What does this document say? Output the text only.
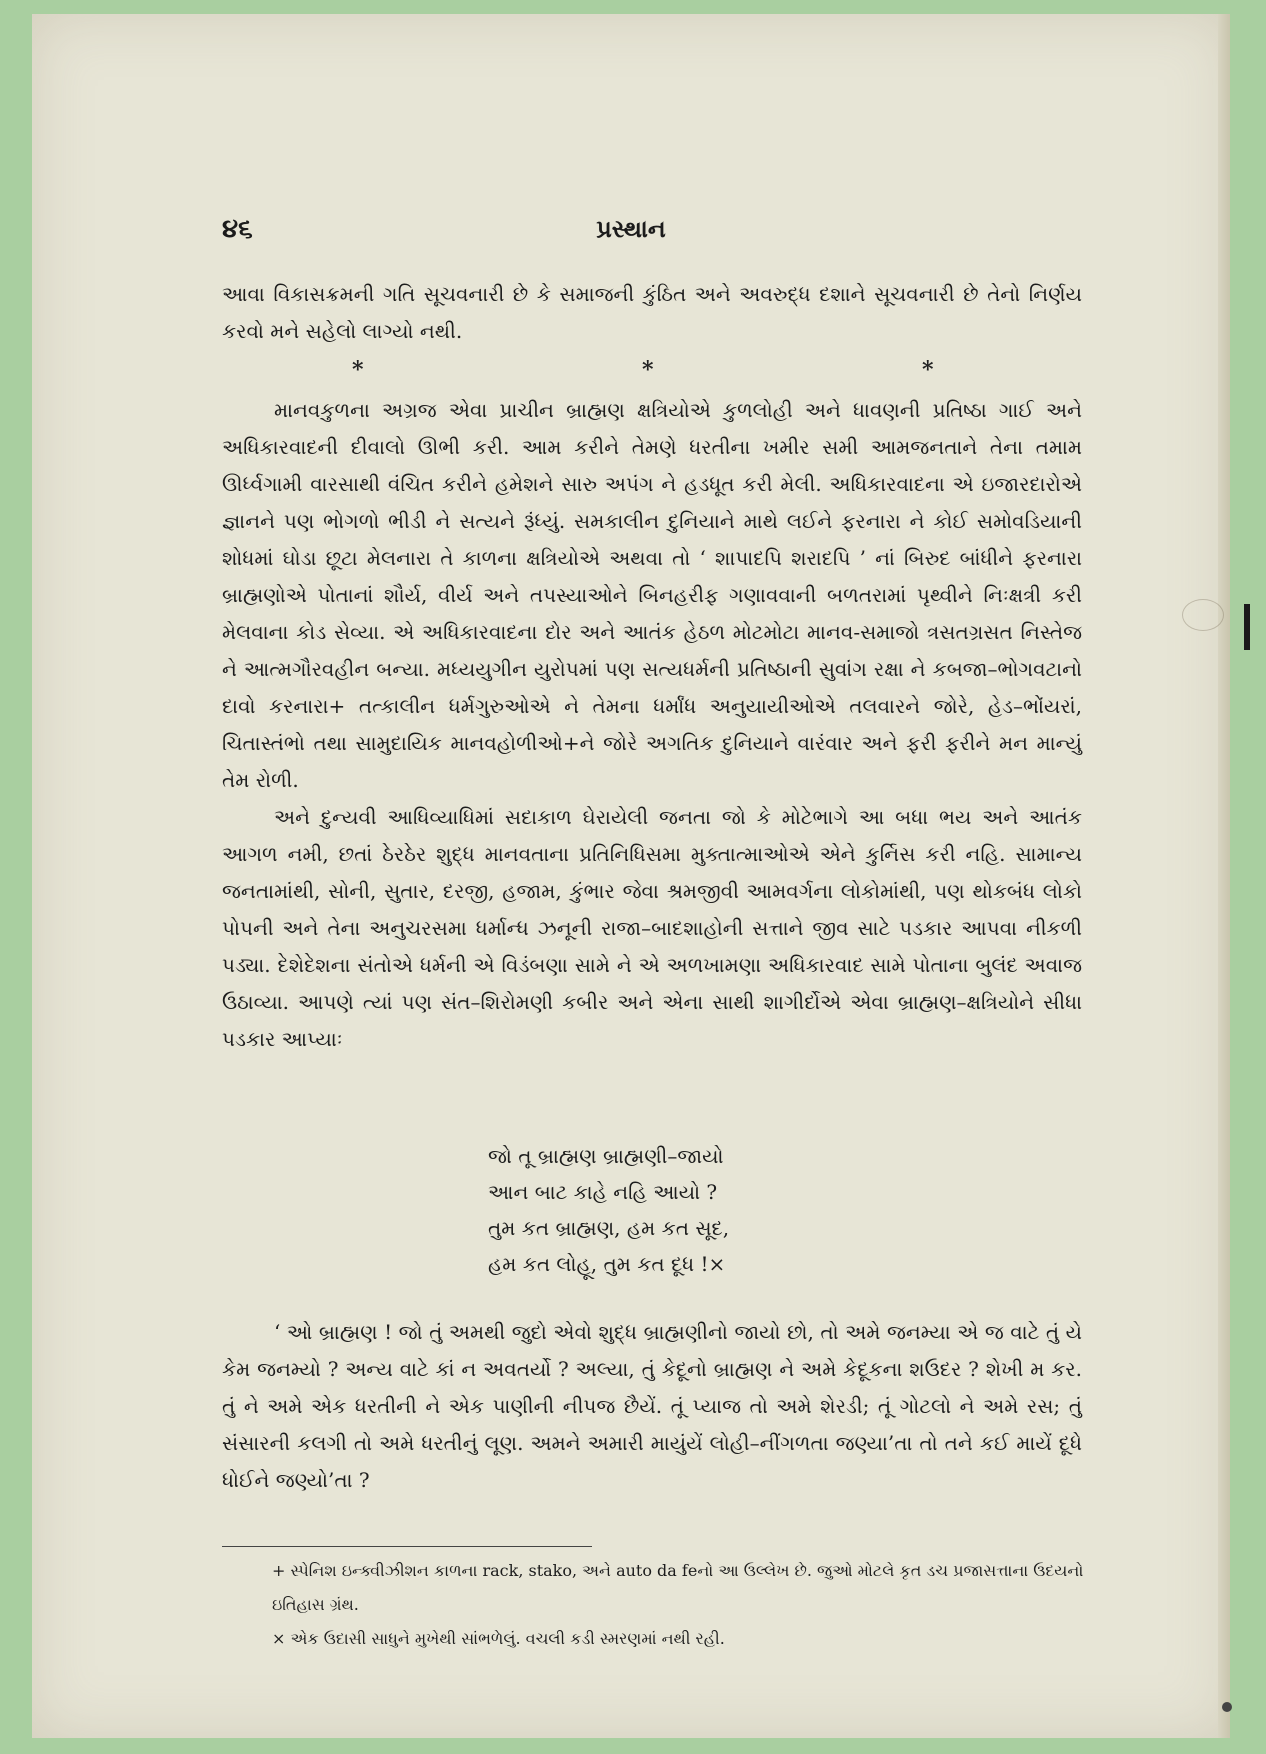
૪૬	પ્રસ્થાન

આવા વિકાસક્રમની ગતિ સૂચવનારી છે કે સમાજની કુંઠિત અને અવરુદ્ધ દશાને સૂચવનારી છે તેનો નિર્ણય કરવો મને સહેલો લાગ્યો નથી.

*	*	*

માનવકુળના અગ્રજ એવા પ્રાચીન બ્રાહ્મણ ક્ષત્રિયોએ કુળલોહી અને ધાવણની પ્રતિષ્ઠા ગાઈ અને અધિકારવાદની દીવાલો ઊભી કરી. આમ કરીને તેમણે ધરતીના ખમીર સમી આમજનતાને તેના તમામ ઊર્ધ્વગામી વારસાથી વંચિત કરીને હમેશને સારુ અપંગ ને હડધૂત કરી મેલી. અધિકારવાદના એ ઇજારદારોએ જ્ઞાનને પણ ભોગળો ભીડી ને સત્યને રૂંધ્યું. સમકાલીન દુનિયાને માથે લઈને ફરનારા ને કોઈ સમોવડિયાની શોધમાં ઘોડા છૂટા મેલનારા તે કાળના ક્ષત્રિયોએ અથવા તો ‘ શાપાદપિ શરાદપિ ’ નાં બિરુદ બાંધીને ફરનારા બ્રાહ્મણોએ પોતાનાં શૌર્ય, વીર્ય અને તપસ્યાઓને બિનહરીફ ગણાવવાની બળતરામાં પૃથ્વીને નિઃક્ષત્રી કરી મેલવાના કોડ સેવ્યા. એ અધિકારવાદના દોર અને આતંક હેઠળ મોટમોટા માનવ-સમાજો ત્રસતગ્રસત નિસ્તેજ ને આત્મગૌરવહીન બન્યા. મધ્યયુગીન યુરોપમાં પણ સત્યધર્મની પ્રતિષ્ઠાની સુવાંગ રક્ષા ને કબજા–ભોગવટાનો દાવો કરનારા+ તત્કાલીન ધર્મગુરુઓએ ને તેમના ધર્માંધ અનુયાયીઓએ તલવારને જોરે, હેડ–ભોંયરાં, ચિતાસ્તંભો તથા સામુદાયિક માનવહોળીઓ+ને જોરે અગતિક દુનિયાને વારંવાર અને ફરી ફરીને મન માન્યું તેમ રોળી.

અને દુન્યવી આધિવ્યાધિમાં સદાકાળ ઘેરાયેલી જનતા જો કે મોટેભાગે આ બધા ભય અને આતંક આગળ નમી, છતાં ઠેરઠેર શુદ્ધ માનવતાના પ્રતિનિધિસમા મુક્તાત્માઓએ એને કુર્નિસ કરી નહિ. સામાન્ય જનતામાંથી, સોની, સુતાર, દરજી, હજામ, કુંભાર જેવા શ્રમજીવી આમવર્ગના લોકોમાંથી, પણ થોકબંધ લોકો પોપની અને તેના અનુચરસમા ધર્માન્ધ ઝનૂની રાજા–બાદશાહોની સત્તાને જીવ સાટે પડકાર આપવા નીકળી પડ્યા. દેશેદેશના સંતોએ ધર્મની એ વિડંબણા સામે ને એ અળખામણા અધિકારવાદ સામે પોતાના બુલંદ અવાજ ઉઠાવ્યા. આપણે ત્યાં પણ સંત–શિરોમણી કબીર અને એના સાથી શાગીર્દોએ એવા બ્રાહ્મણ–ક્ષત્રિયોને સીધા પડકાર આપ્યાઃ

જો તૂ બ્રાહ્મણ બ્રાહ્મણી–જાયો
આન બાટ કાહે નહિ આયો ?
તુમ કત બ્રાહ્મણ, હમ કત સૂદ,
હમ કત લોહૂ, તુમ કત દૂધ !×

‘ ઓ બ્રાહ્મણ ! જો તું અમથી જુદો એવો શુદ્ધ બ્રાહ્મણીનો જાયો છો, તો અમે જનમ્યા એ જ વાટે તું યે કેમ જનમ્યો ? અન્ય વાટે કાં ન અવતર્યો ? અલ્યા, તું કેદૂનો બ્રાહ્મણ ને અમે કેદૂકના શઉદર ? શેખી મ કર. તું ને અમે એક ધરતીની ને એક પાણીની નીપજ છૈયેં. તૂં પ્યાજ તો અમે શેરડી; તૂં ગોટલો ને અમે રસ; તું સંસારની કલગી તો અમે ધરતીનું લૂણ. અમને અમારી માયુંયેં લોહી–નીંગળતા જણ્યા’તા તો તને કઈ માયેં દૂધે ધોઈને જણ્યો’તા ?

+ સ્પેનિશ ઇન્ક્વીઝીશન કાળના rack, stako, અને auto da feનો આ ઉલ્લેખ છે. જુઓ મોટલે કૃત ડચ પ્રજાસત્તાના ઉદયનો ઇતિહાસ ગ્રંથ.

× એક ઉદાસી સાધુને મુખેથી સાંભળેલું. વચલી કડી સ્મરણમાં નથી રહી.
